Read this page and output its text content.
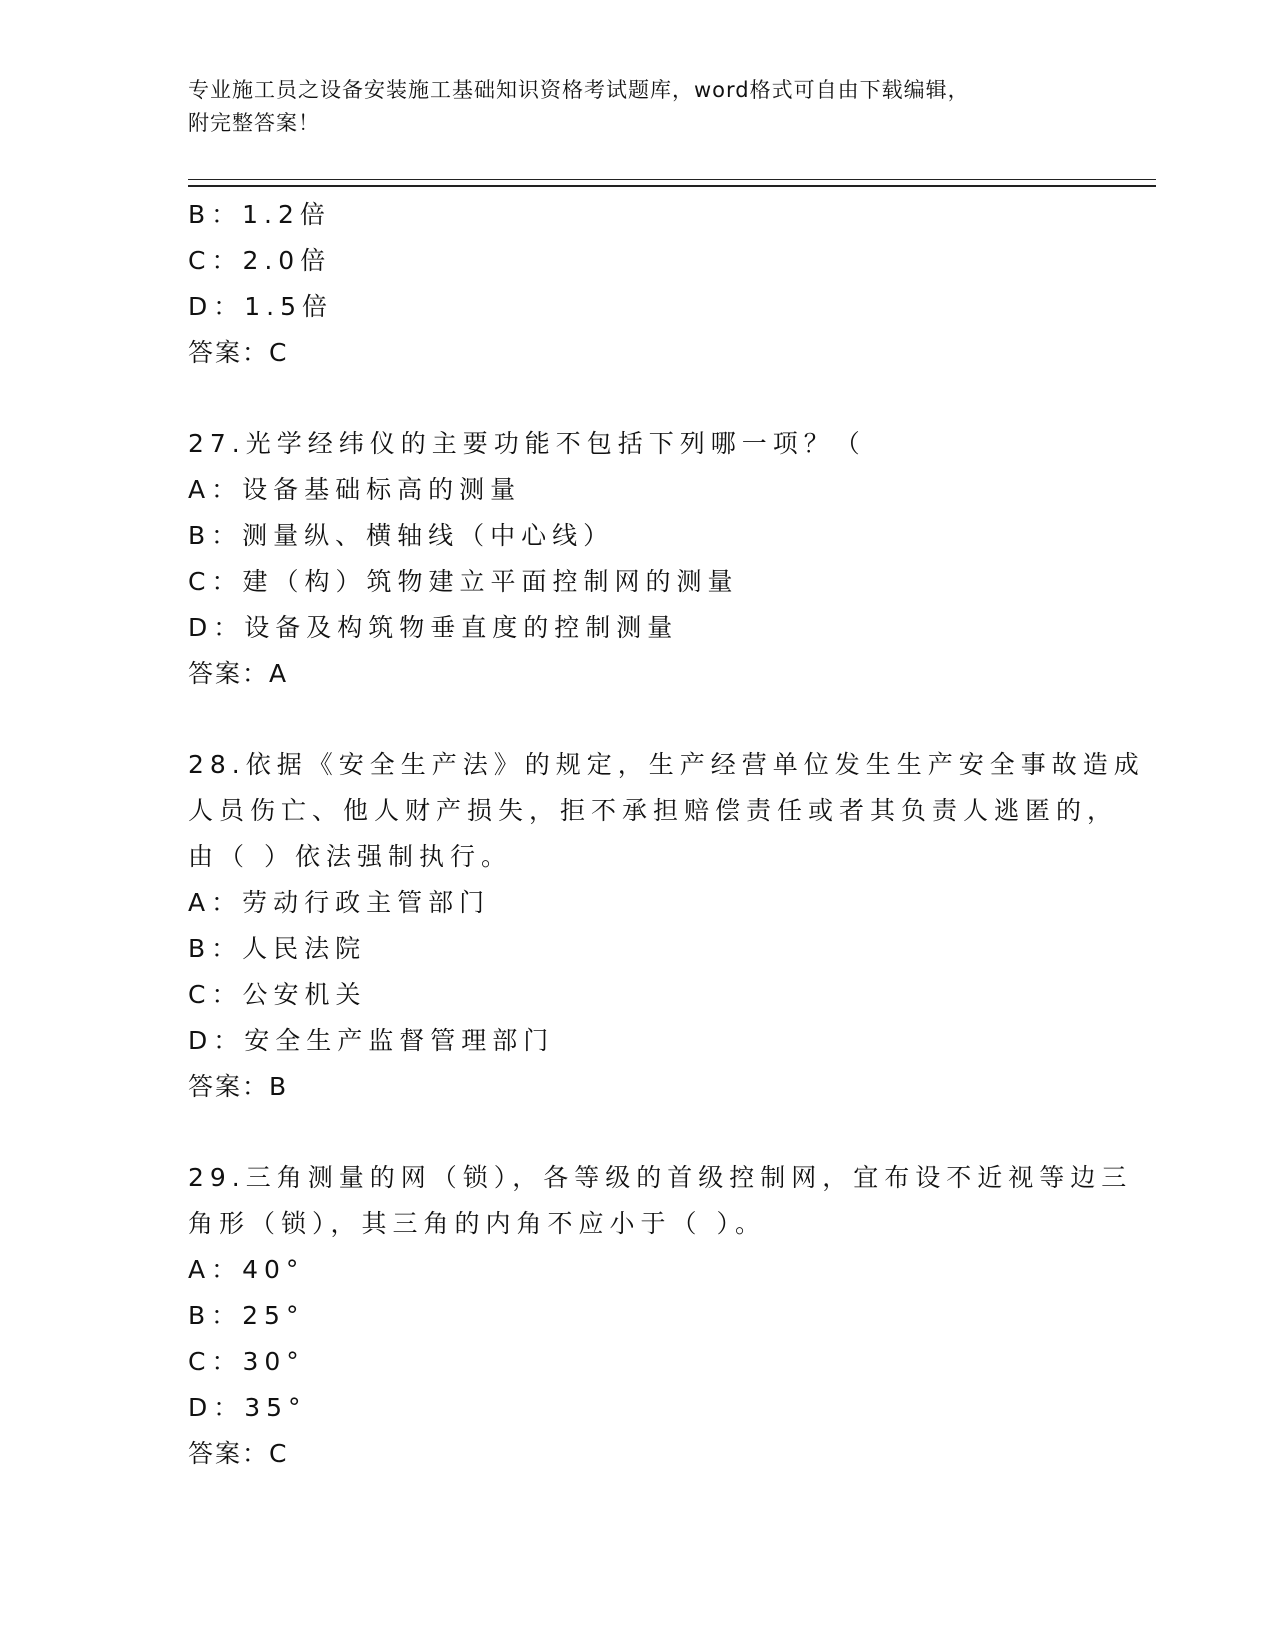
专业施工员之设备安装施工基础知识资格考试题库，word格式可自由下载编辑，
附完整答案！
B：1.2倍
C：2.0倍
D：1.5倍
答案：C
27.光学经纬仪的主要功能不包括下列哪一项？（
A：设备基础标高的测量
B：测量纵、横轴线（中心线）
C：建（构）筑物建立平面控制网的测量
D：设备及构筑物垂直度的控制测量
答案：A
28.依据《安全生产法》的规定，生产经营单位发生生产安全事故造成
人员伤亡、他人财产损失，拒不承担赔偿责任或者其负责人逃匿的，
由（ ）依法强制执行。
A：劳动行政主管部门
B：人民法院
C：公安机关
D：安全生产监督管理部门
答案：B
29.三角测量的网（锁），各等级的首级控制网，宜布设不近视等边三
角形（锁），其三角的内角不应小于（ ）。
A：40°
B：25°
C：30°
D：35°
答案：C
